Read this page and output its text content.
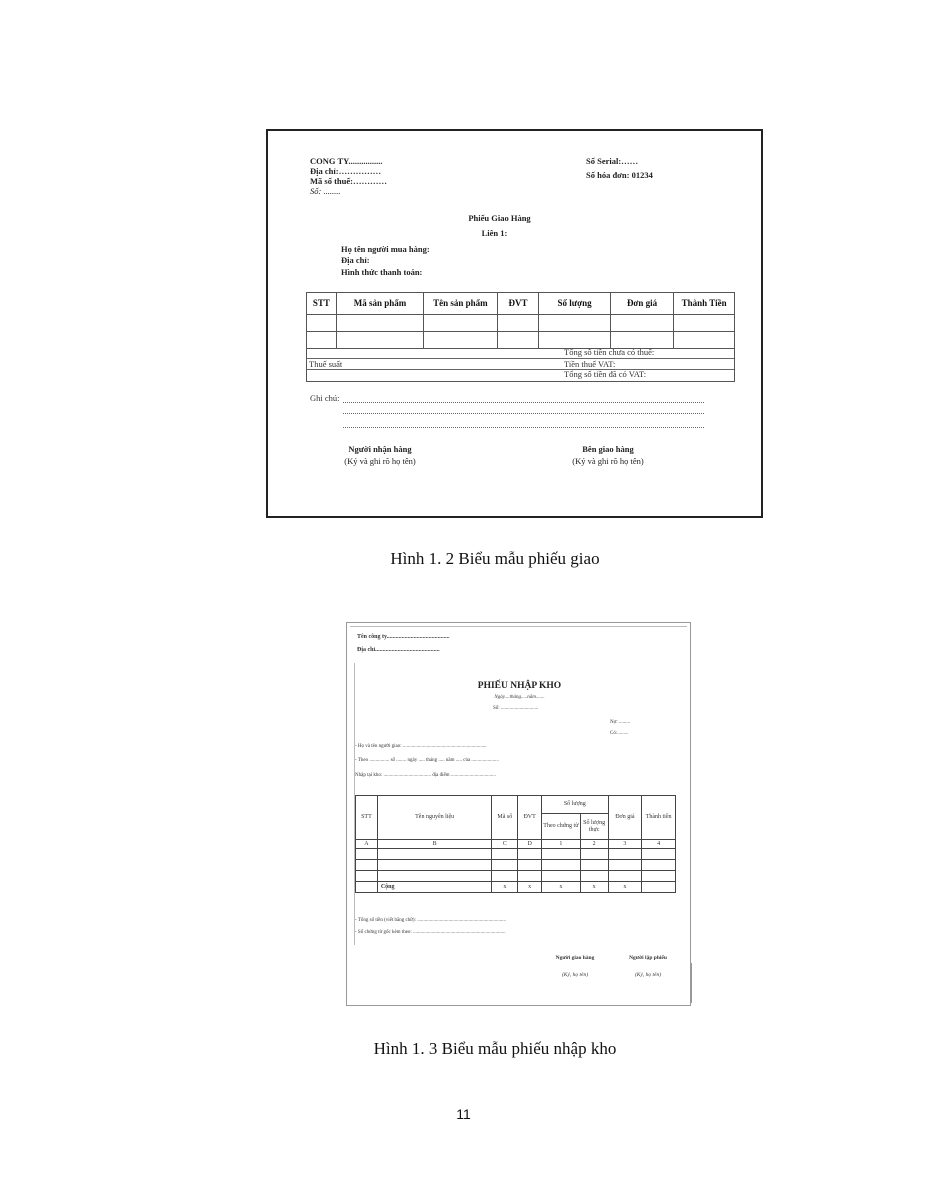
CONG TY................
Địa chỉ:……………
Mã số thuế:…………
Số: ........
Số Serial:……
Số hóa đơn: 01234
Phiếu Giao Hàng
Liên 1:
Họ tên người mua hàng:
Địa chỉ:
Hình thức thanh toán:
STT	Mã sản phẩm	Tên sản phẩm	ĐVT	Số lượng	Đơn giá	Thành Tiền

Tổng số tiền chưa có thuế:
Thuế suất	Tiền thuế VAT:
Tổng số tiền đã có VAT:
Ghi chú:
Người nhận hàng
(Ký và ghi rõ họ tên)
Bên giao hàng
(Ký và ghi rõ họ tên)
Hình 1. 2 Biểu mẫu phiếu giao
Tên công ty..........................................
Địa chỉ...........................................
PHIẾU NHẬP KHO
Ngày....tháng.....năm.......
Số: ..............................
Nợ: .........
Có:.........
- Họ và tên người giao: ...................................................................
- Theo ................ số ........ ngày ..... tháng ..... năm ..... của ......................
Nhập tại kho: ...................................... địa điểm ....................................
STT	Tên nguyên liệu	Mã số	ĐVT	Số lượng		Đơn giá	Thành tiền
				Theo chứng từ	Số lượng thực		
A	B	C	D	1	2	3	4

	Cộng	x	x	x	x	x	
- Tổng số tiền (viết bằng chữ): .......................................................................
- Số chứng từ gốc kèm theo: ..........................................................................
Người giao hàng
(Ký, họ tên)
Người lập phiếu
(Ký, họ tên)
Hình 1. 3 Biểu mẫu phiếu nhập kho
11
